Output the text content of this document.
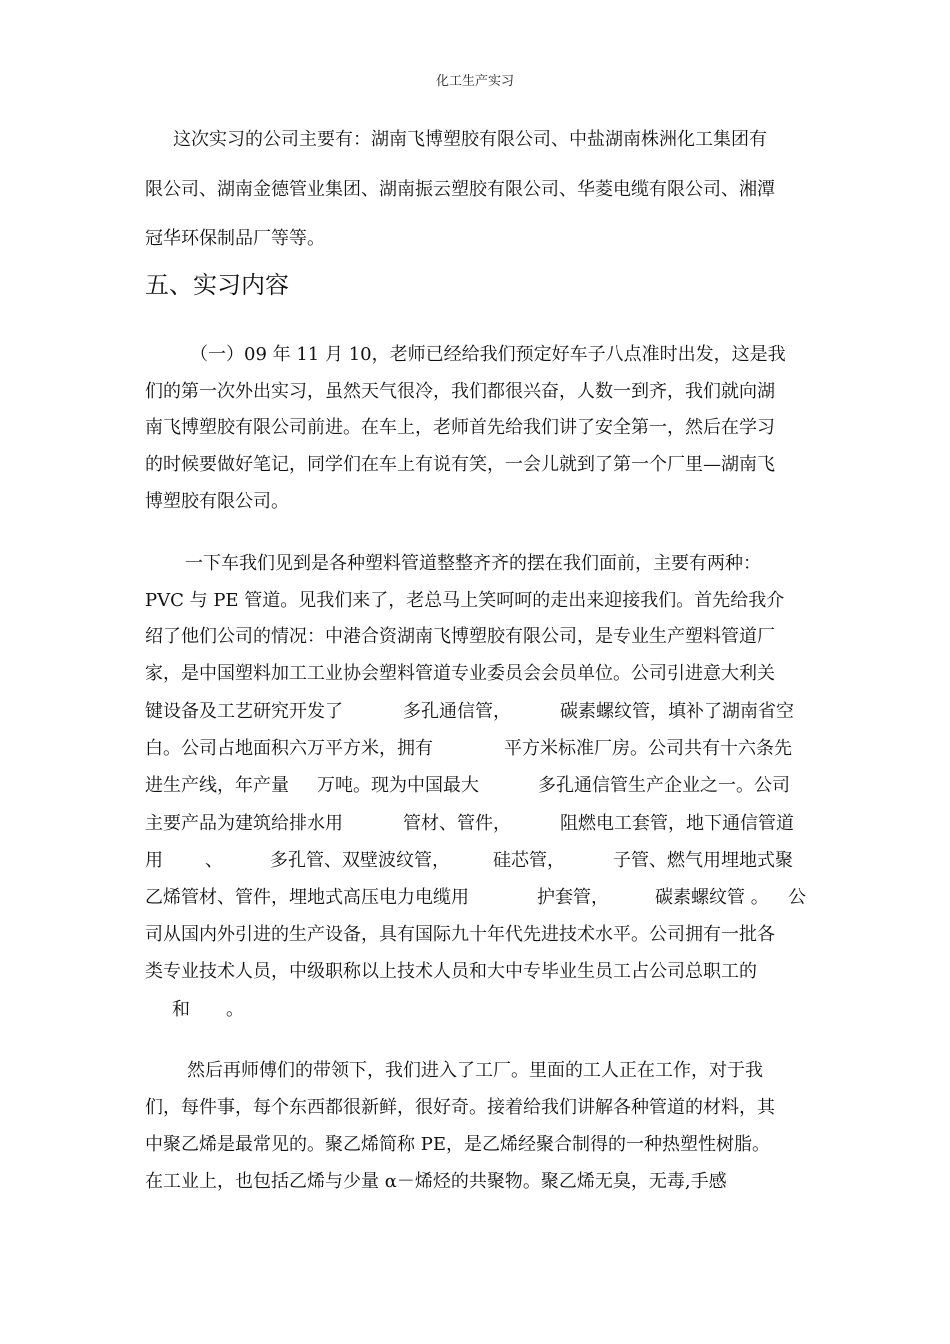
化工生产实习
这次实习的公司主要有：湖南飞博塑胶有限公司、中盐湖南株洲化工集团有
限公司、湖南金德管业集团、湖南振云塑胶有限公司、华菱电缆有限公司、湘潭
冠华环保制品厂等等。
五、实习内容
（一）09 年 11 月 10，老师已经给我们预定好车子八点准时出发，这是我
们的第一次外出实习，虽然天气很冷，我们都很兴奋，人数一到齐，我们就向湖
南飞博塑胶有限公司前进。在车上，老师首先给我们讲了安全第一，然后在学习
的时候要做好笔记，同学们在车上有说有笑，一会儿就到了第一个厂里—湖南飞
博塑胶有限公司。
一下车我们见到是各种塑料管道整整齐齐的摆在我们面前，主要有两种：
PVC 与 PE 管道。见我们来了，老总马上笑呵呵的走出来迎接我们。首先给我介
绍了他们公司的情况：中港合资湖南飞博塑胶有限公司，是专业生产塑料管道厂
家，是中国塑料加工工业协会塑料管道专业委员会会员单位。公司引进意大利关
键设备及工艺研究开发了	多孔通信管，	碳素螺纹管，填补了湖南省空
白。公司占地面积六万平方米，拥有	平方米标准厂房。公司共有十六条先
进生产线，年产量 万吨。现为中国最大	多孔通信管生产企业之一。公司
主要产品为建筑给排水用	管材、管件，	阻燃电工套管，地下通信管道
用 、	多孔管、双壁波纹管， 硅芯管，	子管、燃气用埋地式聚
乙烯管材、管件，埋地式高压电力电缆用	护套管，	碳素螺纹管 。 公
司从国内外引进的生产设备，具有国际九十年代先进技术水平。公司拥有一批各
类专业技术人员，中级职称以上技术人员和大中专毕业生员工占公司总职工的
和 。
然后再师傅们的带领下，我们进入了工厂。里面的工人正在工作，对于我
们，每件事，每个东西都很新鲜，很好奇。接着给我们讲解各种管道的材料，其
中聚乙烯是最常见的。聚乙烯简称 PE，是乙烯经聚合制得的一种热塑性树脂。
在工业上，也包括乙烯与少量 α－烯烃的共聚物。聚乙烯无臭，无毒,手感
